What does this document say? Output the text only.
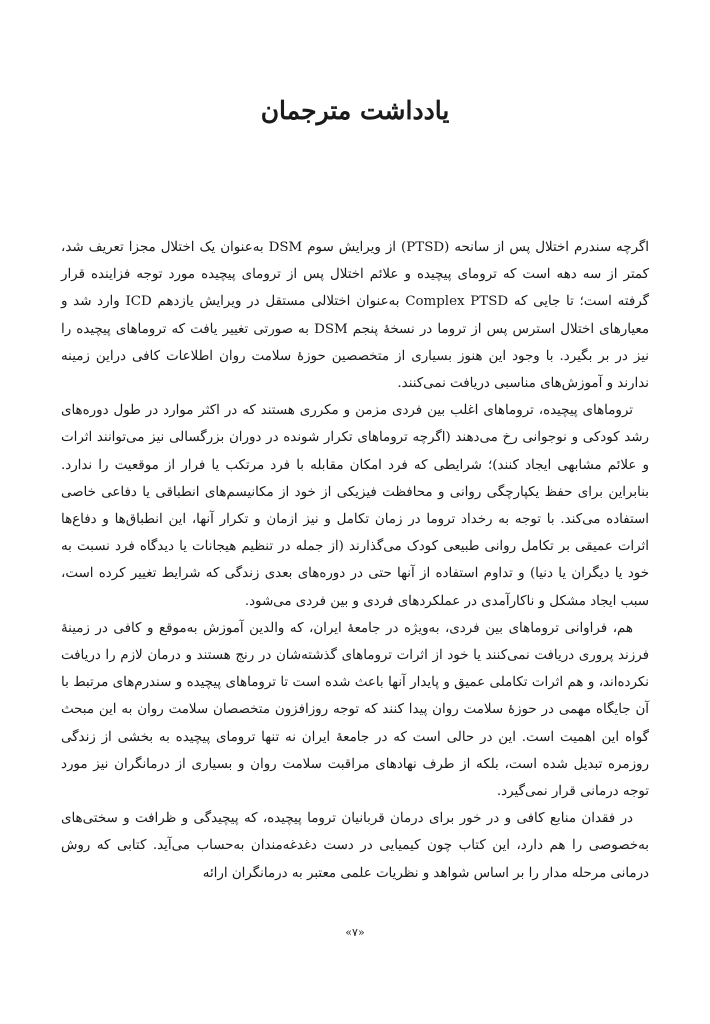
یادداشت مترجمان

اگرچه سندرم اختلال پس از سانحه (PTSD) از ویرایش سوم DSM به‌عنوان یک اختلال مجزا تعریف شد، کمتر از سه دهه است که تروماى پیچیده و علائم اختلال پس از تروماى پیچیده مورد توجه فزاینده قرار گرفته است؛ تا جایی که Complex PTSD به‌عنوان اختلالی مستقل در ویرایش یازدهم ICD وارد شد و معیارهای اختلال استرس پس از تروما در نسخهٔ پنجم DSM به صورتی تغییر یافت که تروماهای پیچیده را نیز در بر بگیرد. با وجود این هنوز بسیاری از متخصصین حوزهٔ سلامت روان اطلاعات کافی دراین زمینه ندارند و آموزش‌های مناسبی دریافت نمی‌کنند.

تروماهای پیچیده، تروماهای اغلب بین فردی مزمن و مکرری هستند که در اکثر موارد در طول دوره‌های رشد کودکی و نوجوانی رخ می‌دهند (اگرچه تروماهای تکرار شونده در دوران بزرگسالی نیز می‌توانند اثرات و علائم مشابهی ایجاد کنند)؛ شرایطی که فرد امکان مقابله با فرد مرتکب یا فرار از موقعیت را ندارد. بنابراین برای حفظ یکپارچگی روانی و محافظت فیزیکی از خود از مکانیسم‌های انطباقی یا دفاعی خاصی استفاده می‌کند. با توجه به رخداد تروما در زمان تکامل و نیز ازمان و تکرار آنها، این انطباق‌ها و دفاع‌ها اثرات عمیقی بر تکامل روانی طبیعی کودک می‌گذارند (از جمله در تنظیم هیجانات یا دیدگاه فرد نسبت به خود یا دیگران یا دنیا) و تداوم استفاده از آنها حتی در دوره‌های بعدی زندگی که شرایط تغییر کرده است، سبب ایجاد مشکل و ناکارآمدی در عملکردهای فردی و بین فردی می‌شود.

هم، فراوانی تروماهای بین فردی، به‌ویژه در جامعهٔ ایران، که والدین آموزش به‌موقع و کافی در زمینهٔ فرزند پروری دریافت نمی‌کنند یا خود از اثرات تروماهای گذشته‌شان در رنج هستند و درمان لازم را دریافت نکرده‌اند، و هم اثرات تکاملی عمیق و پایدار آنها باعث شده است تا تروماهای پیچیده و سندرم‌های مرتبط با آن جایگاه مهمی در حوزهٔ سلامت روان پیدا کنند که توجه روزافزون متخصصان سلامت روان به این مبحث گواه این اهمیت است. این در حالی است که در جامعهٔ ایران نه تنها تروماى پیچیده به بخشی از زندگی روزمره تبدیل شده است، بلکه از طرف نهادهای مراقبت سلامت روان و بسیاری از درمانگران نیز مورد توجه درمانی قرار نمی‌گیرد.

در فقدان منابع کافی و در خور برای درمان قربانیان تروما پیچیده، که پیچیدگی و ظرافت و سختی‌های به‌خصوصی را هم دارد، این کتاب چون کیمیایی در دست دغدغه‌مندان به‌حساب می‌آید. کتابی که روش درمانی مرحله مدار را بر اساس شواهد و نظریات علمی معتبر به درمانگران ارائه

«۷»
